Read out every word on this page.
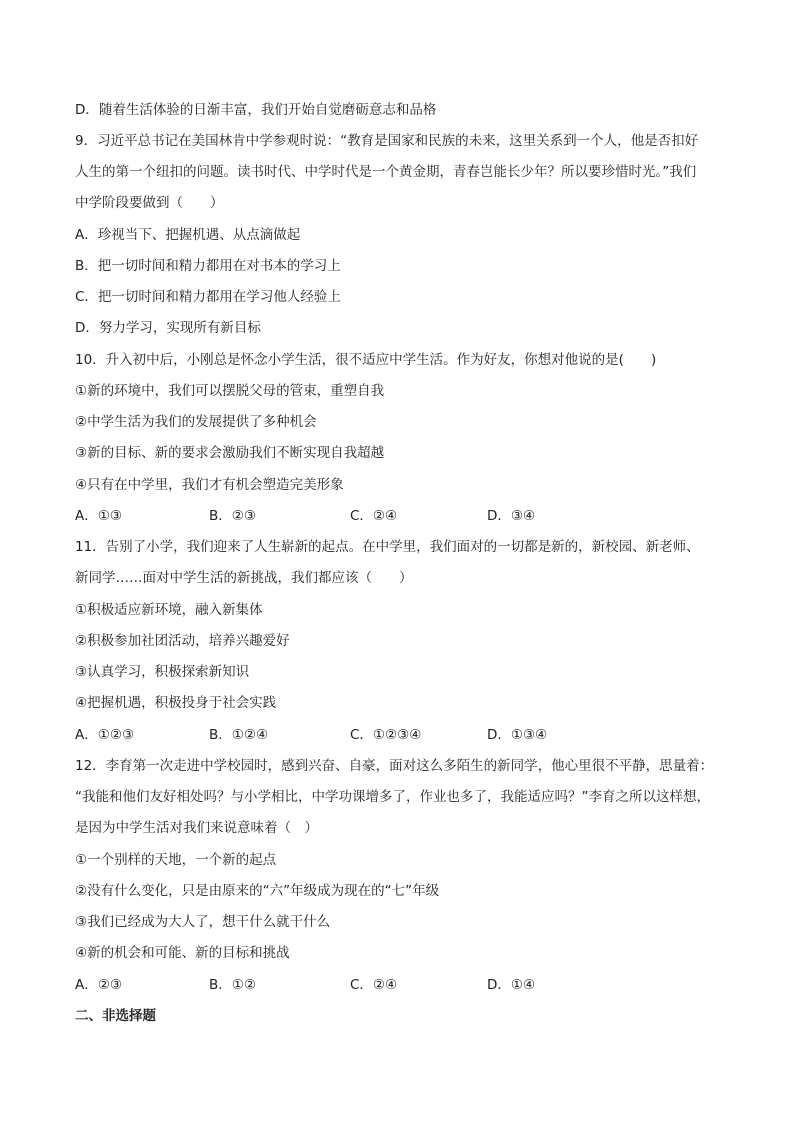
D．随着生活体验的日渐丰富，我们开始自觉磨砺意志和品格
9．习近平总书记在美国林肯中学参观时说：“教育是国家和民族的未来，这里关系到一个人，他是否扣好
人生的第一个纽扣的问题。读书时代、中学时代是一个黄金期，青春岂能长少年？所以要珍惜时光。”我们
中学阶段要做到（　　）
A．珍视当下、把握机遇、从点滴做起
B．把一切时间和精力都用在对书本的学习上
C．把一切时间和精力都用在学习他人经验上
D．努力学习，实现所有新目标
10．升入初中后，小刚总是怀念小学生活，很不适应中学生活。作为好友，你想对他说的是(　　)
①新的环境中，我们可以摆脱父母的管束，重塑自我
②中学生活为我们的发展提供了多种机会
③新的目标、新的要求会激励我们不断实现自我超越
④只有在中学里，我们才有机会塑造完美形象
A．①③	B．②③	C．②④	D．③④
11．告别了小学，我们迎来了人生崭新的起点。在中学里，我们面对的一切都是新的，新校园、新老师、
新同学……面对中学生活的新挑战，我们都应该（　　）
①积极适应新环境，融入新集体
②积极参加社团活动，培养兴趣爱好
③认真学习，积极探索新知识
④把握机遇，积极投身于社会实践
A．①②③	B．①②④	C．①②③④	D．①③④
12．李育第一次走进中学校园时，感到兴奋、自豪，面对这么多陌生的新同学，他心里很不平静，思量着：
“我能和他们友好相处吗？与小学相比，中学功课增多了，作业也多了，我能适应吗？”李育之所以这样想，
是因为中学生活对我们来说意味着（　）
①一个别样的天地，一个新的起点
②没有什么变化，只是由原来的“六”年级成为现在的“七”年级
③我们已经成为大人了，想干什么就干什么
④新的机会和可能、新的目标和挑战
A．②③	B．①②	C．②④	D．①④
二、非选择题
